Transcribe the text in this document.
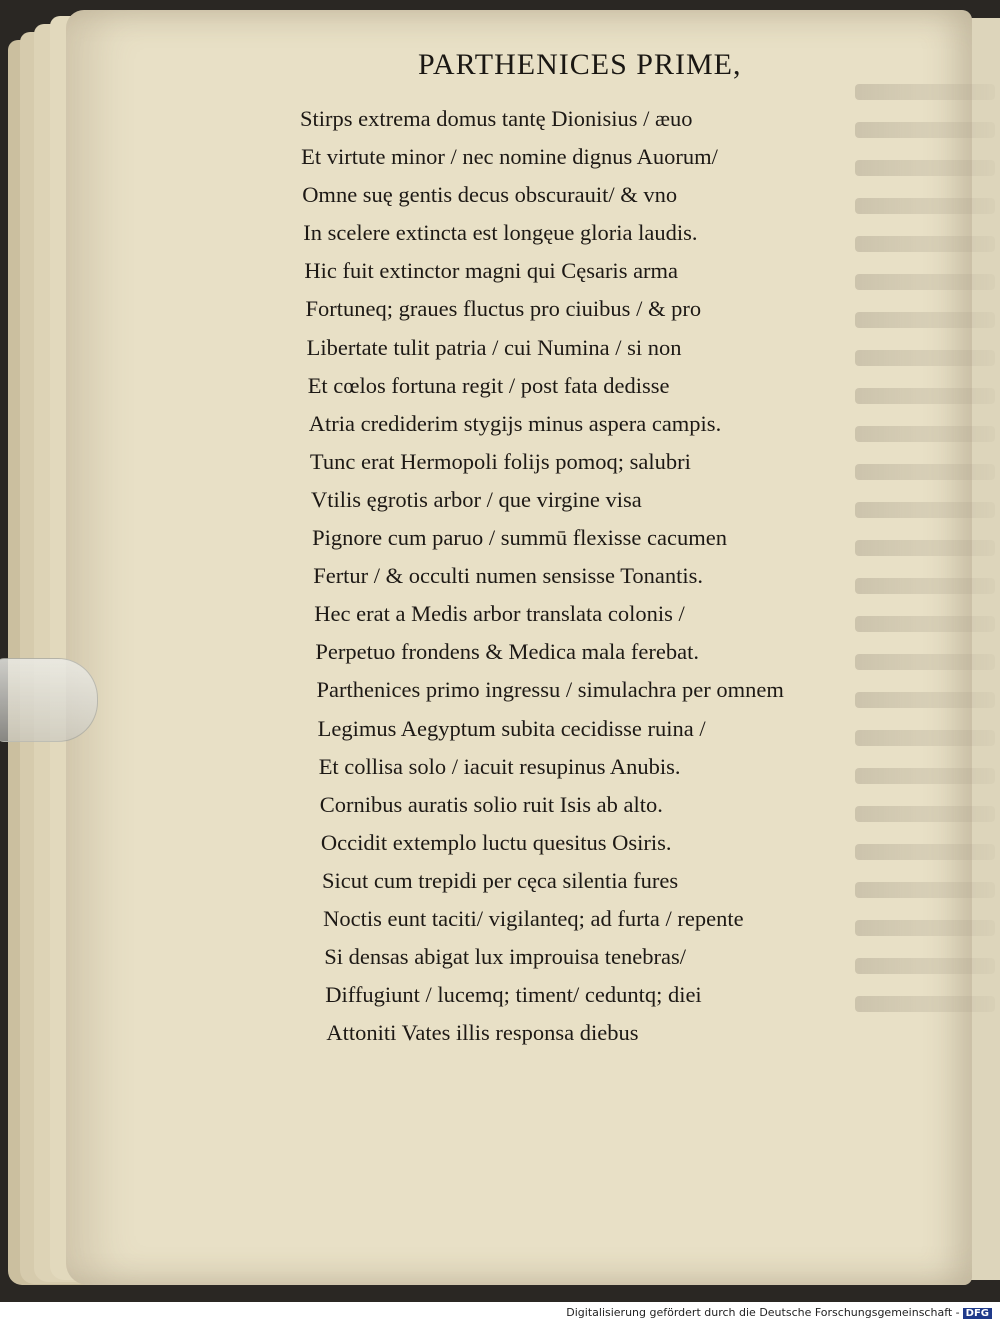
PARTHENICES PRIME,
Stirps extrema domus tantę Dionisius / æuo
Et virtute minor / nec nomine dignus Auorum/
Omne suę gentis decus obscurauit/ & vno
In scelere extincta est longęue gloria laudis.
Hic fuit extinctor magni qui Cęsaris arma
Fortuneq; graues fluctus pro ciuibus / & pro
Libertate tulit patria / cui Numina / si non
Et cœlos fortuna regit / post fata dedisse
Atria crediderim stygijs minus aspera campis.
Tunc erat Hermopoli folijs pomoq; salubri
Vtilis ęgrotis arbor / que virgine visa
Pignore cum paruo / summū flexisse cacumen
Fertur / & occulti numen sensisse Tonantis.
Hec erat a Medis arbor translata colonis /
Perpetuo frondens & Medica mala ferebat.
Parthenices primo ingressu / simulachra per omnem
Legimus Aegyptum subita cecidisse ruina /
Et collisa solo / iacuit resupinus Anubis.
Cornibus auratis solio ruit Isis ab alto.
Occidit extemplo luctu quesitus Osiris.
Sicut cum trepidi per cęca silentia fures
Noctis eunt taciti/ vigilanteq; ad furta / repente
Si densas abigat lux improuisa tenebras/
Diffugiunt / lucemq; timent/ ceduntq; diei
Attoniti Vates illis responsa diebus
Digitalisierung gefördert durch die Deutsche Forschungsgemeinschaft - DFG
